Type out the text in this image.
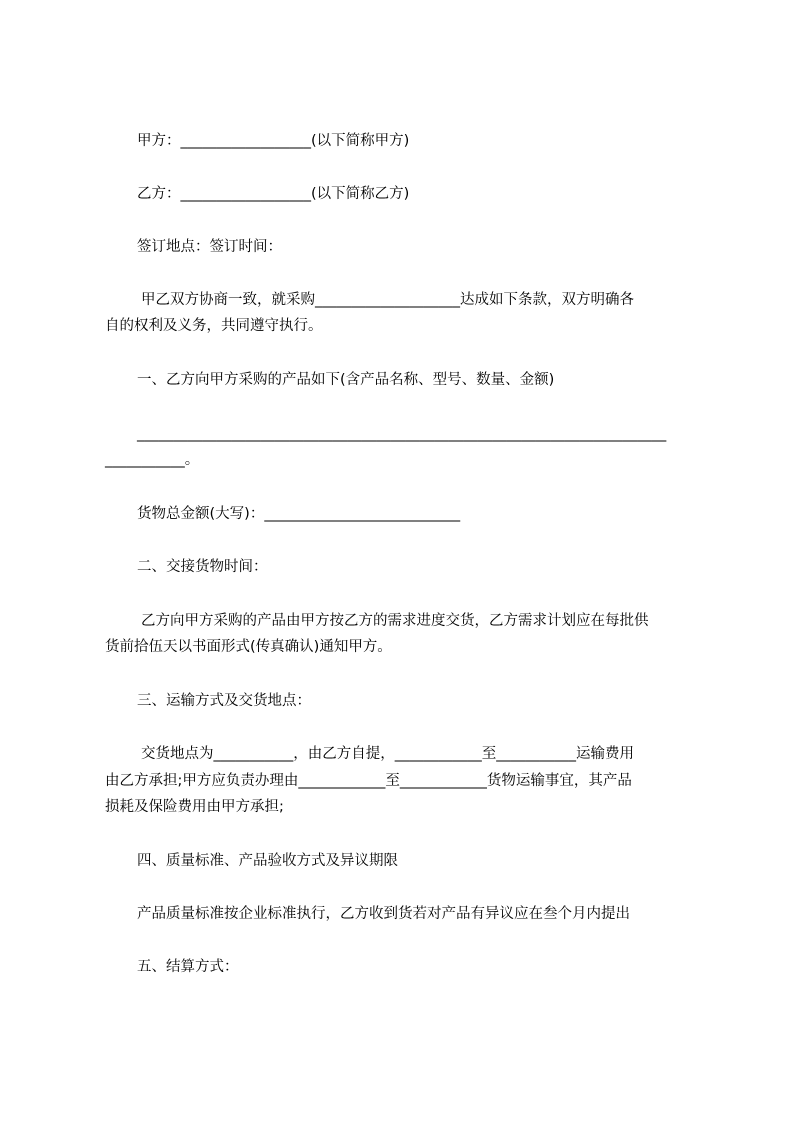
甲方：__________________(以下简称甲方)
乙方：__________________(以下简称乙方)
签订地点：签订时间：
甲乙双方协商一致，就采购____________________达成如下条款，双方明确各
自的权利及义务，共同遵守执行。
一、乙方向甲方采购的产品如下(含产品名称、型号、数量、金额)
_________________________________________________________________________
___________。
货物总金额(大写)：___________________________
二、交接货物时间：
乙方向甲方采购的产品由甲方按乙方的需求进度交货，乙方需求计划应在每批供
货前拾伍天以书面形式(传真确认)通知甲方。
三、运输方式及交货地点：
交货地点为___________，由乙方自提，____________至___________运输费用
由乙方承担;甲方应负责办理由____________至____________货物运输事宜，其产品
损耗及保险费用由甲方承担;
四、质量标准、产品验收方式及异议期限
产品质量标准按企业标准执行，乙方收到货若对产品有异议应在叁个月内提出
五、结算方式：
